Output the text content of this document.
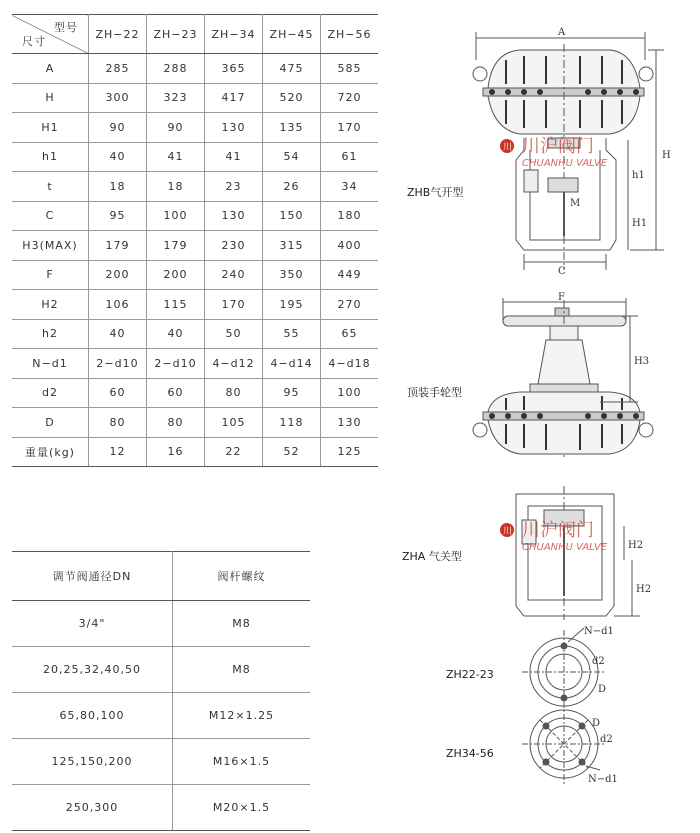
型号
尺寸	ZH−22	ZH−23	ZH−34	ZH−45	ZH−56
A	285	288	365	475	585
H	300	323	417	520	720
H1	90	90	130	135	170
h1	40	41	41	54	61
t	18	18	23	26	34
C	95	100	130	150	180
H3(MAX)	179	179	230	315	400
F	200	200	240	350	449
H2	106	115	170	195	270
h2	40	40	50	55	65
N−d1	2−d10	2−d10	4−d12	4−d14	4−d18
d2	60	60	80	95	100
D	80	80	105	118	130
重量(kg)	12	16	22	52	125
调节阀通径DN	阀杆螺纹
3/4"	M8
20,25,32,40,50	M8
65,80,100	M12×1.25
125,150,200	M16×1.5
250,300	M20×1.5
ZHB气开型
顶装手轮型
ZHA 气关型
ZH22-23
ZH34-56
A
M
H
h1
H1
C
川 川沪阀门
CHUANHU VALVE
F
H3
H2
H2
川 川沪阀门
CHUANHU VALVE
N−d1
d2
D
D
d2
N−d1
